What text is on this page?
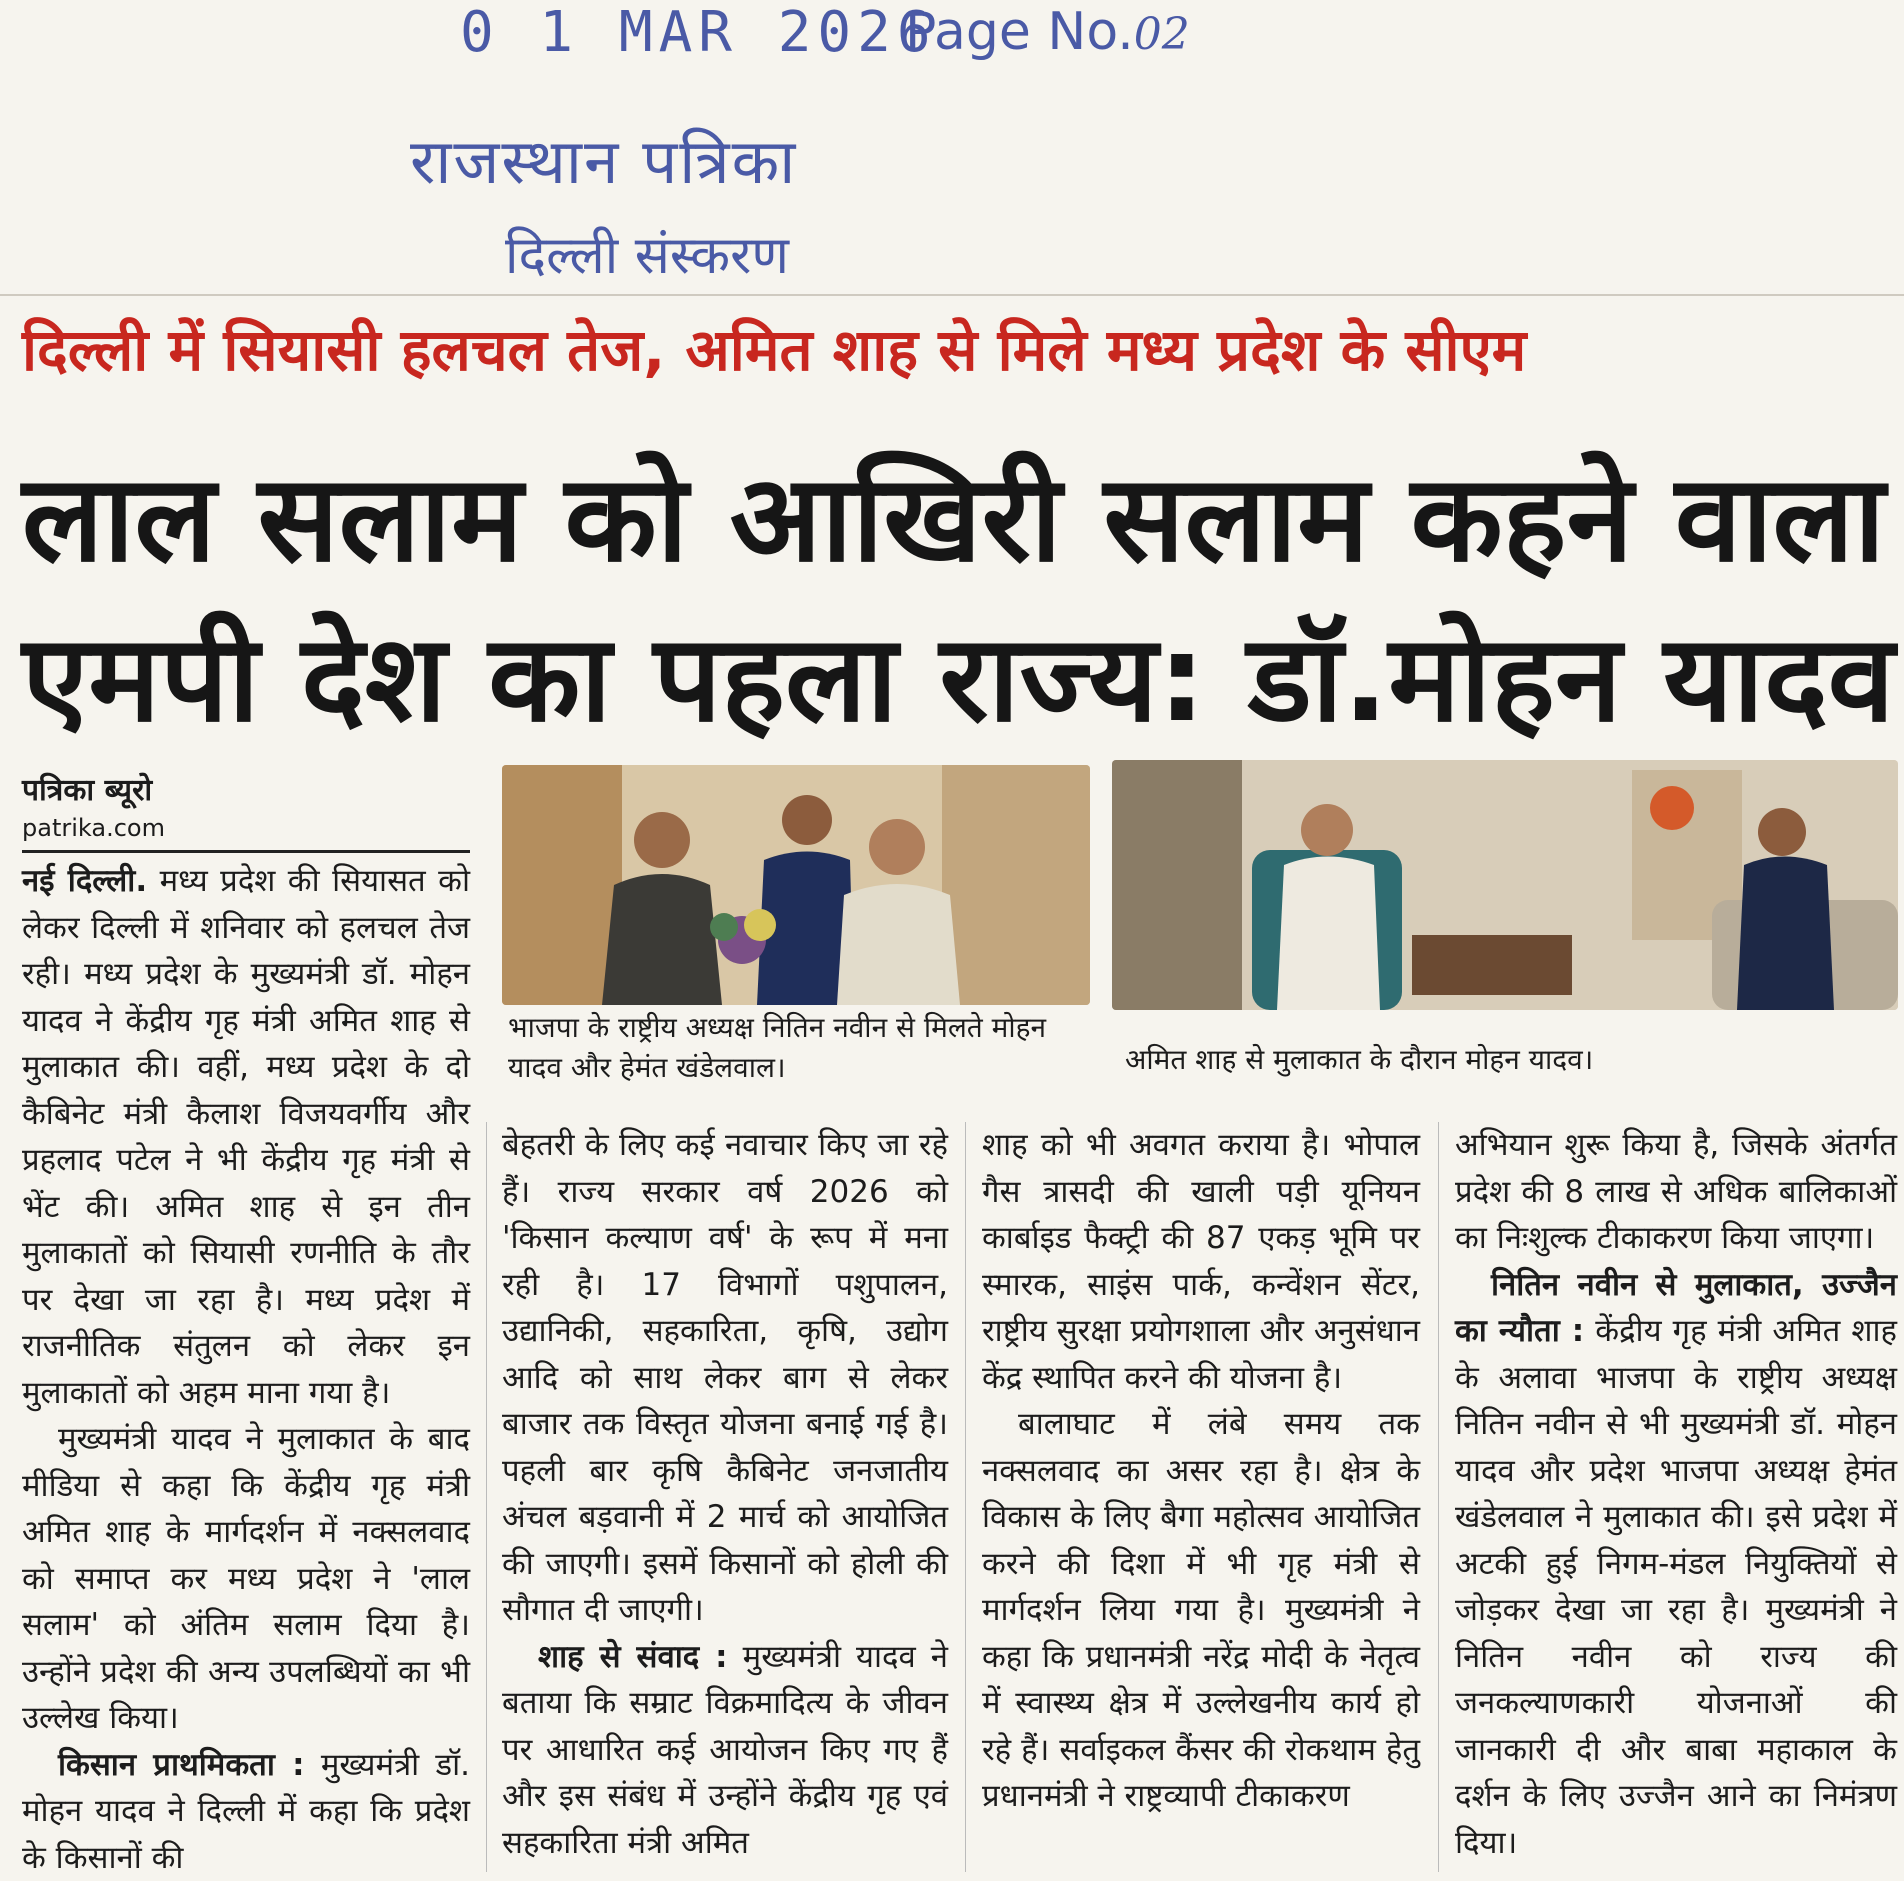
0 1 MAR 2026
Page No.02
राजस्थान पत्रिका
दिल्ली संस्करण
दिल्ली में सियासी हलचल तेज, अमित शाह से मिले मध्य प्रदेश के सीएम
लाल सलाम को आखिरी सलाम कहने वाला
एमपी देश का पहला राज्य: डॉ.मोहन यादव
पत्रिका ब्यूरो
patrika.com
भाजपा के राष्ट्रीय अध्यक्ष नितिन नवीन से मिलते मोहन यादव और हेमंत खंडेलवाल।	अमित शाह से मुलाकात के दौरान मोहन यादव।

नई दिल्ली. मध्य प्रदेश की सियासत को लेकर दिल्ली में शनिवार को हलचल तेज रही। मध्य प्रदेश के मुख्यमंत्री डॉ. मोहन यादव ने केंद्रीय गृह मंत्री अमित शाह से मुलाकात की। वहीं, मध्य प्रदेश के दो कैबिनेट मंत्री कैलाश विजयवर्गीय और प्रहलाद पटेल ने भी केंद्रीय गृह मंत्री से भेंट की। अमित शाह से इन तीन मुलाकातों को सियासी रणनीति के तौर पर देखा जा रहा है। मध्य प्रदेश में राजनीतिक संतुलन को लेकर इन मुलाकातों को अहम माना गया है।

मुख्यमंत्री यादव ने मुलाकात के बाद मीडिया से कहा कि केंद्रीय गृह मंत्री अमित शाह के मार्गदर्शन में नक्सलवाद को समाप्त कर मध्य प्रदेश ने 'लाल सलाम' को अंतिम सलाम दिया है। उन्होंने प्रदेश की अन्य उपलब्धियों का भी उल्लेख किया।

किसान प्राथमिकता : मुख्यमंत्री डॉ. मोहन यादव ने दिल्ली में कहा कि प्रदेश के किसानों की

बेहतरी के लिए कई नवाचार किए जा रहे हैं। राज्य सरकार वर्ष 2026 को 'किसान कल्याण वर्ष' के रूप में मना रही है। 17 विभागों पशुपालन, उद्यानिकी, सहकारिता, कृषि, उद्योग आदि को साथ लेकर बाग से लेकर बाजार तक विस्तृत योजना बनाई गई है। पहली बार कृषि कैबिनेट जनजातीय अंचल बड़वानी में 2 मार्च को आयोजित की जाएगी। इसमें किसानों को होली की सौगात दी जाएगी।

शाह से संवाद : मुख्यमंत्री यादव ने बताया कि सम्राट विक्रमादित्य के जीवन पर आधारित कई आयोजन किए गए हैं और इस संबंध में उन्होंने केंद्रीय गृह एवं सहकारिता मंत्री अमित

शाह को भी अवगत कराया है। भोपाल गैस त्रासदी की खाली पड़ी यूनियन कार्बाइड फैक्ट्री की 87 एकड़ भूमि पर स्मारक, साइंस पार्क, कन्वेंशन सेंटर, राष्ट्रीय सुरक्षा प्रयोगशाला और अनुसंधान केंद्र स्थापित करने की योजना है।

बालाघाट में लंबे समय तक नक्सलवाद का असर रहा है। क्षेत्र के विकास के लिए बैगा महोत्सव आयोजित करने की दिशा में भी गृह मंत्री से मार्गदर्शन लिया गया है। मुख्यमंत्री ने कहा कि प्रधानमंत्री नरेंद्र मोदी के नेतृत्व में स्वास्थ्य क्षेत्र में उल्लेखनीय कार्य हो रहे हैं। सर्वाइकल कैंसर की रोकथाम हेतु प्रधानमंत्री ने राष्ट्रव्यापी टीकाकरण

अभियान शुरू किया है, जिसके अंतर्गत प्रदेश की 8 लाख से अधिक बालिकाओं का निःशुल्क टीकाकरण किया जाएगा।

नितिन नवीन से मुलाकात, उज्जैन का न्यौता : केंद्रीय गृह मंत्री अमित शाह के अलावा भाजपा के राष्ट्रीय अध्यक्ष नितिन नवीन से भी मुख्यमंत्री डॉ. मोहन यादव और प्रदेश भाजपा अध्यक्ष हेमंत खंडेलवाल ने मुलाकात की। इसे प्रदेश में अटकी हुई निगम-मंडल नियुक्तियों से जोड़कर देखा जा रहा है। मुख्यमंत्री ने नितिन नवीन को राज्य की जनकल्याणकारी योजनाओं की जानकारी दी और बाबा महाकाल के दर्शन के लिए उज्जैन आने का निमंत्रण दिया।
